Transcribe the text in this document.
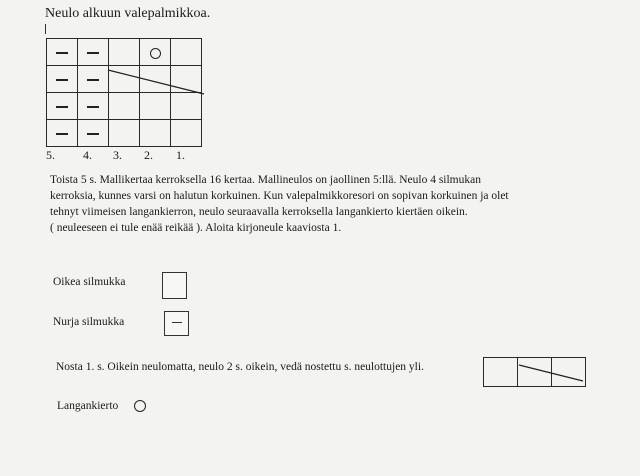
Neulo alkuun valepalmikkoa.

5. 4. 3. 2. 1.
Toista 5 s. Mallikertaa kerroksella 16 kertaa. Mallineulos on jaollinen 5:llä. Neulo 4 silmukan
kerroksia, kunnes varsi on halutun korkuinen. Kun valepalmikkoresori on sopivan korkuinen ja olet
tehnyt viimeisen langankierron, neulo seuraavalla kerroksella langankierto kiertäen oikein.
( neuleeseen ei tule enää reikää ). Aloita kirjoneule kaaviosta 1.
Oikea silmukka
Nurja silmukka
Nosta 1. s. Oikein neulomatta, neulo 2 s. oikein, vedä nostettu s. neulottujen yli.

Langankierto
